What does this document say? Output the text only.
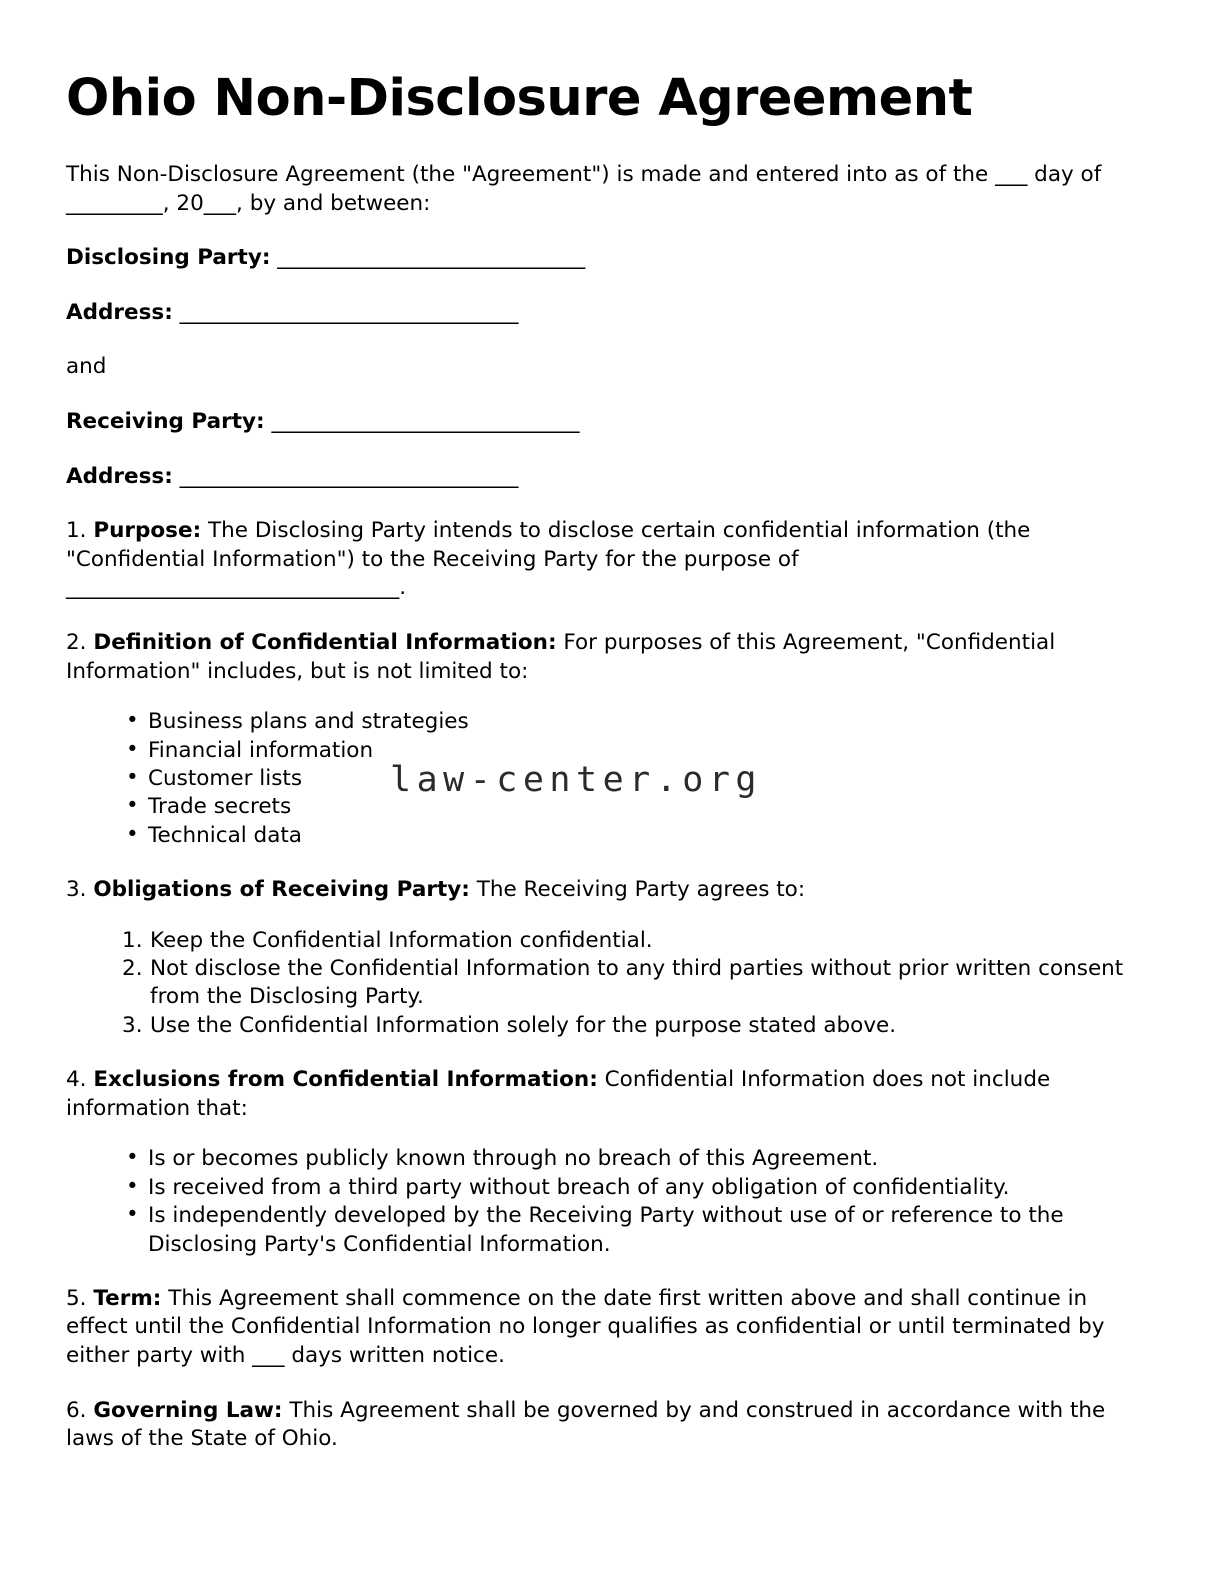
Ohio Non-Disclosure Agreement

This Non-Disclosure Agreement (the "Agreement") is made and entered into as of the ___ day of _________, 20___, by and between:

Disclosing Party: ______________________________
Address: _________________________________
and
Receiving Party: ______________________________
Address: _________________________________

1. Purpose: The Disclosing Party intends to disclose certain confidential information (the "Confidential Information") to the Receiving Party for the purpose of _______________________________.

2. Definition of Confidential Information: For purposes of this Agreement, "Confidential Information" includes, but is not limited to:

• Business plans and strategies
• Financial information
• Customer lists
• Trade secrets
• Technical data

3. Obligations of Receiving Party: The Receiving Party agrees to:

Keep the Confidential Information confidential.
Not disclose the Confidential Information to any third parties without prior written consent from the Disclosing Party.
Use the Confidential Information solely for the purpose stated above.

4. Exclusions from Confidential Information: Confidential Information does not include information that:

• Is or becomes publicly known through no breach of this Agreement.
• Is received from a third party without breach of any obligation of confidentiality.
• Is independently developed by the Receiving Party without use of or reference to the Disclosing Party's Confidential Information.

5. Term: This Agreement shall commence on the date first written above and shall continue in effect until the Confidential Information no longer qualifies as confidential or until terminated by either party with ___ days written notice.

6. Governing Law: This Agreement shall be governed by and construed in accordance with the laws of the State of Ohio.

law-center.org
